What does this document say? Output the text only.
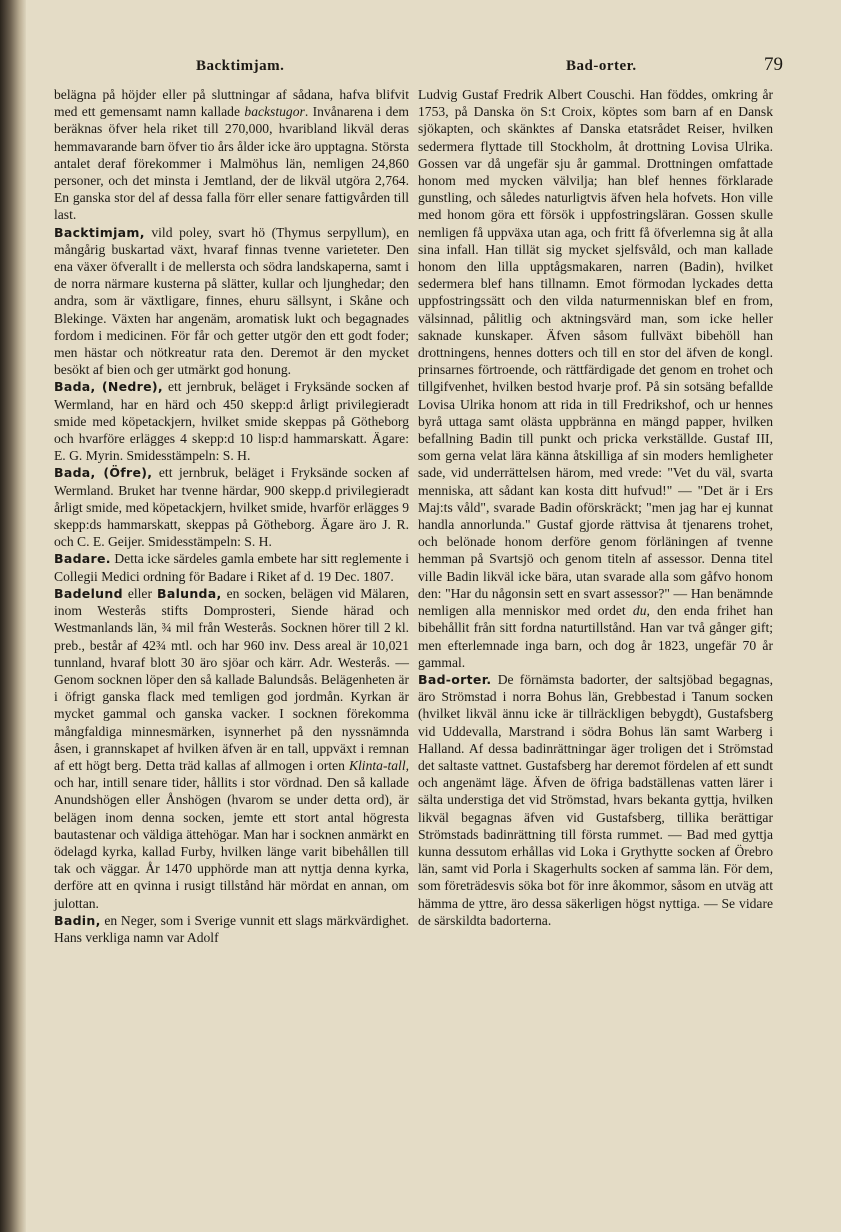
Backtimjam.	Bad-orter.	79

belägna på höjder eller på sluttningar af sådana, hafva blifvit med ett gemensamt namn kallade backstugor. Invånarena i dem beräknas öfver hela riket till 270,000, hvaribland likväl deras hemmavarande barn öfver tio års ålder icke äro upptagna. Största antalet deraf förekommer i Malmöhus län, nemligen 24,860 personer, och det minsta i Jemtland, der de likväl utgöra 2,764. En ganska stor del af dessa falla förr eller senare fattigvården till last.

Backtimjam, vild poley, svart hö (Thymus serpyllum), en mångårig buskartad växt, hvaraf finnas tvenne varieteter. Den ena växer öfverallt i de mellersta och södra landskaperna, samt i de norra närmare kusterna på slätter, kullar och ljunghedar; den andra, som är växtligare, finnes, ehuru sällsynt, i Skåne och Blekinge. Växten har angenäm, aromatisk lukt och begagnades fordom i medicinen. För får och getter utgör den ett godt foder; men hästar och nötkreatur rata den. Deremot är den mycket besökt af bien och ger utmärkt god honung.

Bada, (Nedre), ett jernbruk, beläget i Fryksände socken af Wermland, har en härd och 450 skepp:d årligt privilegieradt smide med köpetackjern, hvilket smide skeppas på Götheborg och hvarföre erlägges 4 skepp:d 10 lisp:d hammarskatt. Ägare: E. G. Myrin. Smidesstämpeln: S. H.

Bada, (Öfre), ett jernbruk, beläget i Fryksände socken af Wermland. Bruket har tvenne härdar, 900 skepp.d privilegieradt årligt smide, med köpetackjern, hvilket smide, hvarför erlägges 9 skepp:ds hammarskatt, skeppas på Götheborg. Ägare äro J. R. och C. E. Geijer. Smidesstämpeln: S. H.

Badare. Detta icke särdeles gamla embete har sitt reglemente i Collegii Medici ordning för Badare i Riket af d. 19 Dec. 1807.

Badelund eller Balunda, en socken, belägen vid Mälaren, inom Westerås stifts Domprosteri, Siende härad och Westmanlands län, ¾ mil från Westerås. Socknen hörer till 2 kl. preb., består af 42¾ mtl. och har 960 inv. Dess areal är 10,021 tunnland, hvaraf blott 30 äro sjöar och kärr. Adr. Westerås. — Genom socknen löper den så kallade Balundsås. Belägenheten är i öfrigt ganska flack med temligen god jordmån. Kyrkan är mycket gammal och ganska vacker. I socknen förekomma mångfaldiga minnesmärken, isynnerhet på den nyssnämnda åsen, i grannskapet af hvilken äfven är en tall, uppväxt i remnan af ett högt berg. Detta träd kallas af allmogen i orten Klinta-tall, och har, intill senare tider, hållits i stor vördnad. Den så kallade Anundshögen eller Ånshögen (hvarom se under detta ord), är belägen inom denna socken, jemte ett stort antal högresta bautastenar och väldiga ättehögar. Man har i socknen anmärkt en ödelagd kyrka, kallad Furby, hvilken länge varit bibehållen till tak och väggar. År 1470 upphörde man att nyttja denna kyrka, derföre att en qvinna i rusigt tillstånd här mördat en annan, om julottan.

Badin, en Neger, som i Sverige vunnit ett slags märkvärdighet. Hans verkliga namn var Adolf

Ludvig Gustaf Fredrik Albert Couschi. Han föddes, omkring år 1753, på Danska ön S:t Croix, köptes som barn af en Dansk sjökapten, och skänktes af Danska etatsrådet Reiser, hvilken sedermera flyttade till Stockholm, åt drottning Lovisa Ulrika. Gossen var då ungefär sju år gammal. Drottningen omfattade honom med mycken välvilja; han blef hennes förklarade gunstling, och således naturligtvis äfven hela hofvets. Hon ville med honom göra ett försök i uppfostringsläran. Gossen skulle nemligen få uppväxa utan aga, och fritt få öfverlemna sig åt alla sina infall. Han tillät sig mycket sjelfsvåld, och man kallade honom den lilla upptågsmakaren, narren (Badin), hvilket sedermera blef hans tillnamn. Emot förmodan lyckades detta uppfostringssätt och den vilda naturmenniskan blef en from, välsinnad, pålitlig och aktningsvärd man, som icke heller saknade kunskaper. Äfven såsom fullväxt bibehöll han drottningens, hennes dotters och till en stor del äfven de kongl. prinsarnes förtroende, och rättfärdigade det genom en trohet och tillgifvenhet, hvilken bestod hvarje prof. På sin sotsäng befallde Lovisa Ulrika honom att rida in till Fredrikshof, och ur hennes byrå uttaga samt olästa uppbränna en mängd papper, hvilken befallning Badin till punkt och pricka verkställde. Gustaf III, som gerna velat lära känna åtskilliga af sin moders hemligheter sade, vid underrättelsen härom, med vrede: "Vet du väl, svarta menniska, att sådant kan kosta ditt hufvud!" — "Det är i Ers Maj:ts våld", svarade Badin oförskräckt; "men jag har ej kunnat handla annorlunda." Gustaf gjorde rättvisa åt tjenarens trohet, och belönade honom derföre genom förläningen af tvenne hemman på Svartsjö och genom titeln af assessor. Denna titel ville Badin likväl icke bära, utan svarade alla som gåfvo honom den: "Har du någonsin sett en svart assessor?" — Han benämnde nemligen alla menniskor med ordet du, den enda frihet han bibehållit från sitt fordna naturtillstånd. Han var två gånger gift; men efterlemnade inga barn, och dog år 1823, ungefär 70 år gammal.

Bad-orter. De förnämsta badorter, der saltsjöbad begagnas, äro Strömstad i norra Bohus län, Grebbestad i Tanum socken (hvilket likväl ännu icke är tillräckligen bebygdt), Gustafsberg vid Uddevalla, Marstrand i södra Bohus län samt Warberg i Halland. Af dessa badinrättningar äger troligen det i Strömstad det saltaste vattnet. Gustafsberg har deremot fördelen af ett sundt och angenämt läge. Äfven de öfriga badställenas vatten lärer i sälta understiga det vid Strömstad, hvars bekanta gyttja, hvilken likväl begagnas äfven vid Gustafsberg, tillika berättigar Strömstads badinrättning till första rummet. — Bad med gyttja kunna dessutom erhållas vid Loka i Grythytte socken af Örebro län, samt vid Porla i Skagerhults socken af samma län. För dem, som företrädesvis söka bot för inre åkommor, såsom en utväg att hämma de yttre, äro dessa säkerligen högst nyttiga. — Se vidare de särskildta badorterna.
